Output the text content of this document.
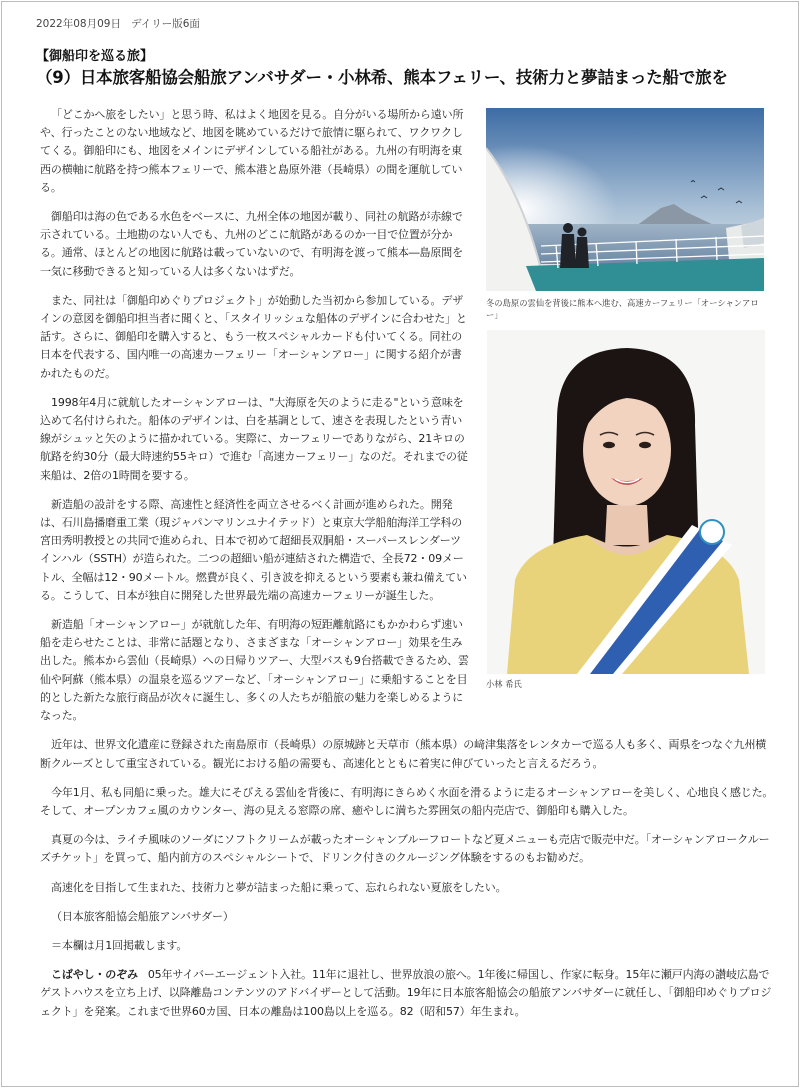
2022年08月09日 デイリー版6面
【御船印を巡る旅】
（9）日本旅客船協会船旅アンバサダー・小林希、熊本フェリー、技術力と夢詰まった船で旅を

「どこかへ旅をしたい」と思う時、私はよく地図を見る。自分がいる場所から遠い所や、行ったことのない地域など、地図を眺めているだけで旅情に駆られて、ワクワクしてくる。御船印にも、地図をメインにデザインしている船社がある。九州の有明海を東西の横軸に航路を持つ熊本フェリーで、熊本港と島原外港（長崎県）の間を運航している。

御船印は海の色である水色をベースに、九州全体の地図が載り、同社の航路が赤線で示されている。土地勘のない人でも、九州のどこに航路があるのか一目で位置が分かる。通常、ほとんどの地図に航路は載っていないので、有明海を渡って熊本―島原間を一気に移動できると知っている人は多くないはずだ。

また、同社は「御船印めぐりプロジェクト」が始動した当初から参加している。デザインの意図を御船印担当者に聞くと、「スタイリッシュな船体のデザインに合わせた」と話す。さらに、御船印を購入すると、もう一枚スペシャルカードも付いてくる。同社の日本を代表する、国内唯一の高速カーフェリー「オーシャンアロー」に関する紹介が書かれたものだ。

1998年4月に就航したオーシャンアローは、"大海原を矢のように走る"という意味を込めて名付けられた。船体のデザインは、白を基調として、速さを表現したという青い線がシュッと矢のように描かれている。実際に、カーフェリーでありながら、21キロの航路を約30分（最大時速約55キロ）で進む「高速カーフェリー」なのだ。それまでの従来船は、2倍の1時間を要する。

新造船の設計をする際、高速性と経済性を両立させるべく計画が進められた。開発は、石川島播磨重工業（現ジャパンマリンユナイテッド）と東京大学船舶海洋工学科の宮田秀明教授との共同で進められ、日本で初めて超細長双胴船・スーパースレンダーツインハル（SSTH）が造られた。二つの超細い船が連結された構造で、全長72・09メートル、全幅は12・90メートル。燃費が良く、引き波を抑えるという要素も兼ね備えている。こうして、日本が独自に開発した世界最先端の高速カーフェリーが誕生した。

新造船「オーシャンアロー」が就航した年、有明海の短距離航路にもかかわらず速い船を走らせたことは、非常に話題となり、さまざまな「オーシャンアロー」効果を生み出した。熊本から雲仙（長崎県）への日帰りツアー、大型バスも9台搭載できるため、雲仙や阿蘇（熊本県）の温泉を巡るツアーなど、「オーシャンアロー」に乗船することを目的とした新たな旅行商品が次々に誕生し、多くの人たちが船旅の魅力を楽しめるようになった。

近年は、世界文化遺産に登録された南島原市（長崎県）の原城跡と天草市（熊本県）の﨑津集落をレンタカーで巡る人も多く、両県をつなぐ九州横断クルーズとして重宝されている。観光における船の需要も、高速化とともに着実に伸びていったと言えるだろう。

今年1月、私も同船に乗った。雄大にそびえる雲仙を背後に、有明海にきらめく水面を滑るように走るオーシャンアローを美しく、心地良く感じた。そして、オープンカフェ風のカウンター、海の見える窓際の席、癒やしに満ちた雰囲気の船内売店で、御船印も購入した。

真夏の今は、ライチ風味のソーダにソフトクリームが載ったオーシャンブルーフロートなど夏メニューも売店で販売中だ。「オーシャンアロークルーズチケット」を買って、船内前方のスペシャルシートで、ドリンク付きのクルージング体験をするのもお勧めだ。

高速化を目指して生まれた、技術力と夢が詰まった船に乗って、忘れられない夏旅をしたい。

（日本旅客船協会船旅アンバサダー）

＝本欄は月1回掲載します。

こばやし・のぞみ 05年サイバーエージェント入社。11年に退社し、世界放浪の旅へ。1年後に帰国し、作家に転身。15年に瀬戸内海の讃岐広島でゲストハウスを立ち上げ、以降離島コンテンツのアドバイザーとして活動。19年に日本旅客船協会の船旅アンバサダーに就任し、「御船印めぐりプロジェクト」を発案。これまで世界60カ国、日本の離島は100島以上を巡る。82（昭和57）年生まれ。

冬の島原の雲仙を背後に熊本へ進む、高速カーフェリー「オーシャンアロー」
小林 希氏
